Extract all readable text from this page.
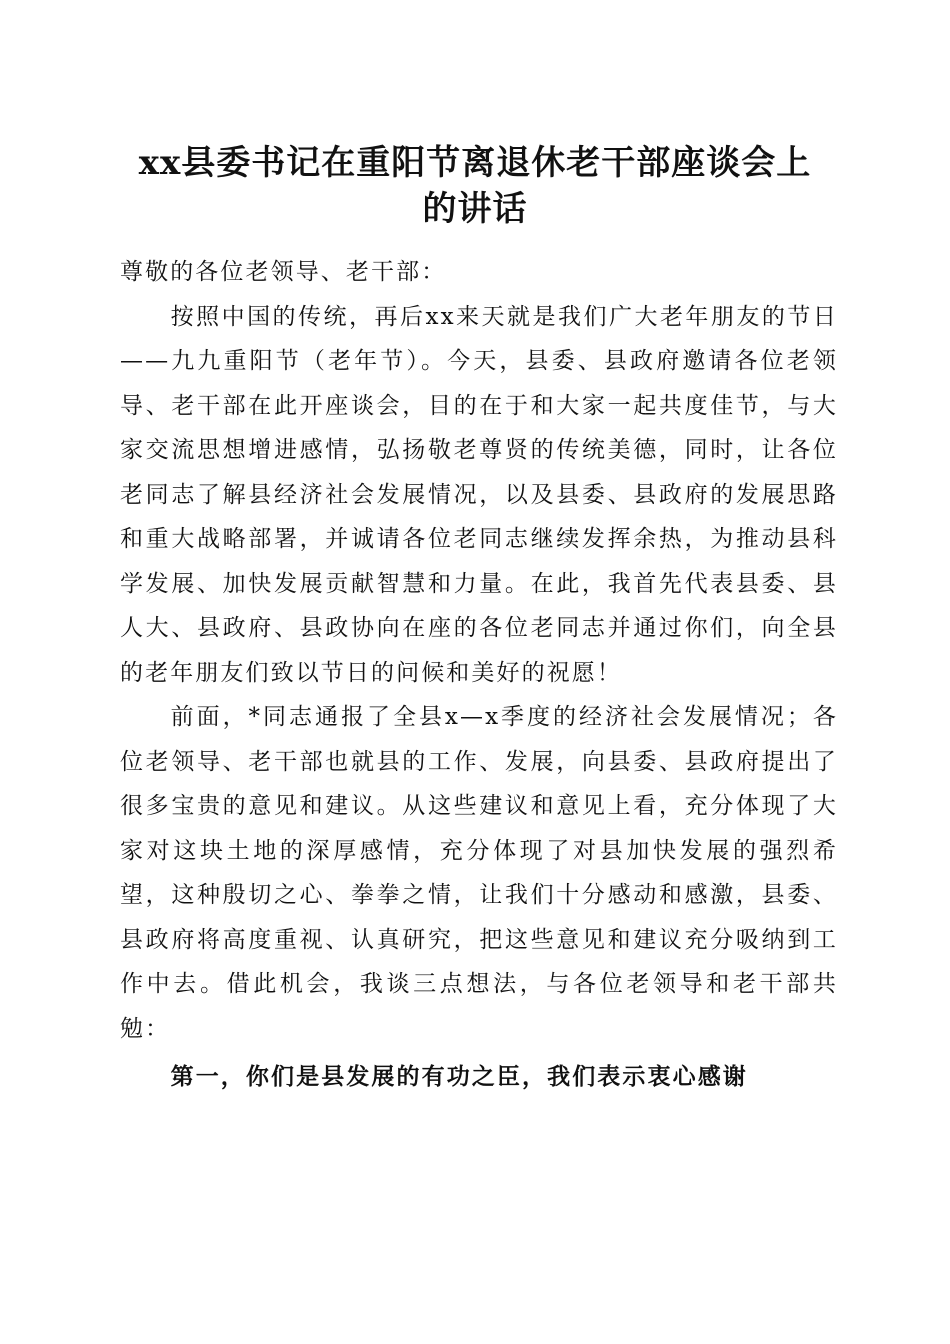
xx县委书记在重阳节离退休老干部座谈会上
的讲话

尊敬的各位老领导、老干部：

按照中国的传统，再后xx来天就是我们广大老年朋友的节日——九九重阳节（老年节）。今天，县委、县政府邀请各位老领导、老干部在此开座谈会，目的在于和大家一起共度佳节，与大家交流思想增进感情，弘扬敬老尊贤的传统美德，同时，让各位老同志了解县经济社会发展情况，以及县委、县政府的发展思路和重大战略部署，并诚请各位老同志继续发挥余热，为推动县科学发展、加快发展贡献智慧和力量。在此，我首先代表县委、县人大、县政府、县政协向在座的各位老同志并通过你们，向全县的老年朋友们致以节日的问候和美好的祝愿！

前面，*同志通报了全县x—x季度的经济社会发展情况；各位老领导、老干部也就县的工作、发展，向县委、县政府提出了很多宝贵的意见和建议。从这些建议和意见上看，充分体现了大家对这块土地的深厚感情，充分体现了对县加快发展的强烈希望，这种殷切之心、拳拳之情，让我们十分感动和感激，县委、县政府将高度重视、认真研究，把这些意见和建议充分吸纳到工作中去。借此机会，我谈三点想法，与各位老领导和老干部共勉：

第一，你们是县发展的有功之臣，我们表示衷心感谢
